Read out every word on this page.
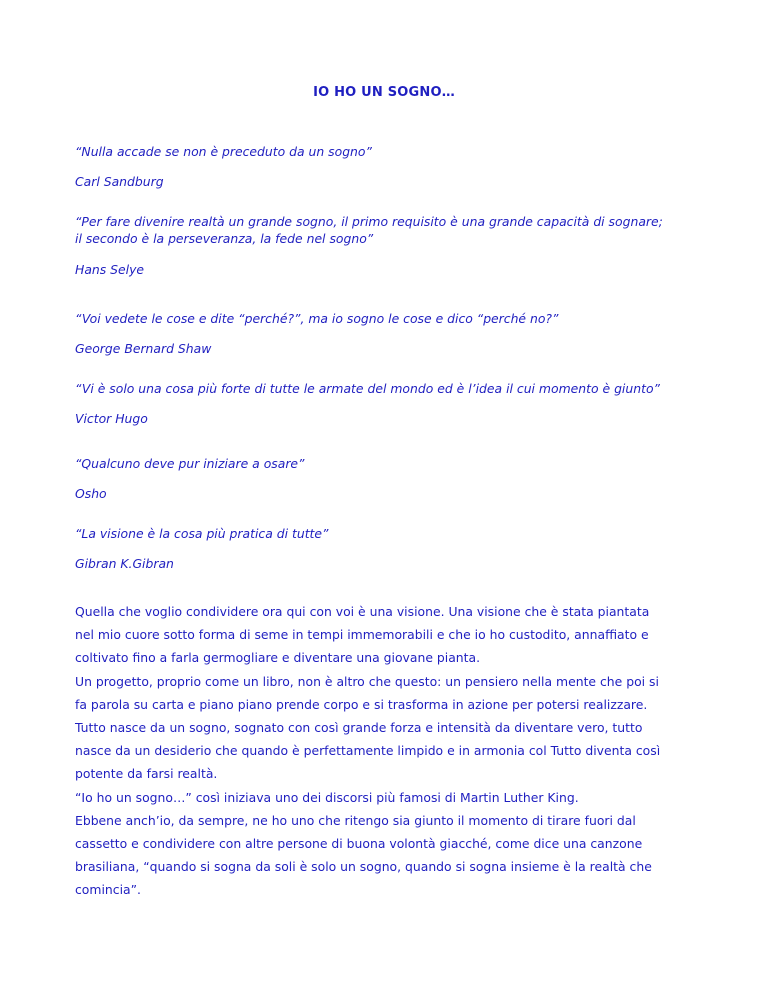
IO HO UN SOGNO…

“Nulla accade se non è preceduto da un sogno”

Carl Sandburg

“Per fare divenire realtà un grande sogno, il primo requisito è una grande capacità di sognare;

il secondo è la perseveranza, la fede nel sogno”

Hans Selye

“Voi vedete le cose e dite “perché?”, ma io sogno le cose e dico “perché no?”

George Bernard Shaw

“Vi è solo una cosa più forte di tutte le armate del mondo ed è l’idea il cui momento è giunto”

Victor Hugo

“Qualcuno deve pur iniziare a osare”

Osho

“La visione è la cosa più pratica di tutte”

Gibran K.Gibran

Quella che voglio condividere ora qui con voi è una visione. Una visione che è stata piantata

nel mio cuore sotto forma di seme in tempi immemorabili e che io ho custodito, annaffiato e

coltivato fino a farla germogliare e diventare una giovane pianta.

Un progetto, proprio come un libro, non è altro che questo: un pensiero nella mente che poi si

fa parola su carta e piano piano prende corpo e si trasforma in azione per potersi realizzare.

Tutto nasce da un sogno, sognato con così grande forza e intensità da diventare vero, tutto

nasce da un desiderio che quando è perfettamente limpido e in armonia col Tutto diventa così

potente da farsi realtà.

“Io ho un sogno…” così iniziava uno dei discorsi più famosi di Martin Luther King.

Ebbene anch’io, da sempre, ne ho uno che ritengo sia giunto il momento di tirare fuori dal

cassetto e condividere con altre persone di buona volontà giacché, come dice una canzone

brasiliana, “quando si sogna da soli è solo un sogno, quando si sogna insieme è la realtà che

comincia”.
